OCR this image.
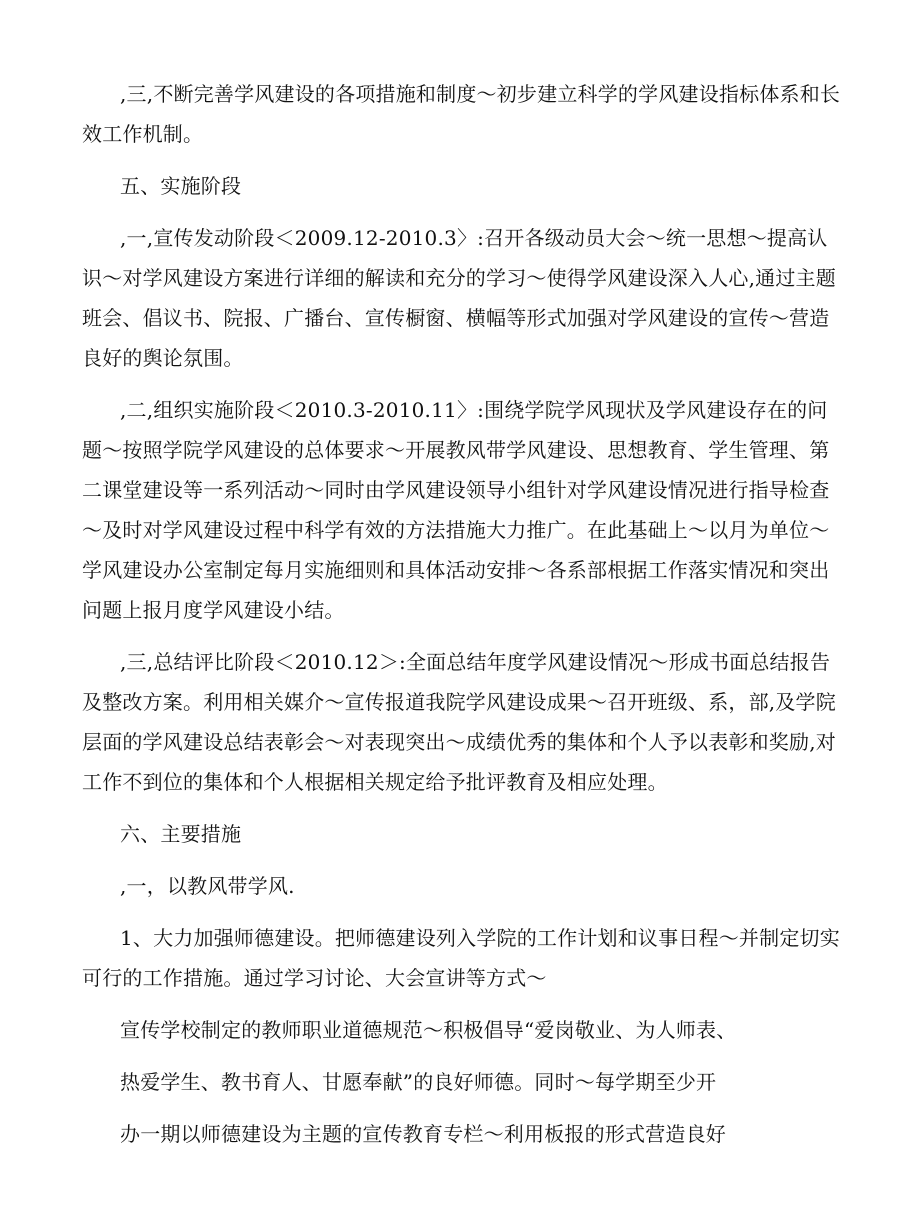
,三,不断完善学风建设的各项措施和制度～初步建立科学的学风建设指标体系和长效工作机制。

五、实施阶段

,一,宣传发动阶段＜2009.12-2010.3〉:召开各级动员大会～统一思想～提高认识～对学风建设方案进行详细的解读和充分的学习～使得学风建设深入人心,通过主题班会、倡议书、院报、广播台、宣传橱窗、横幅等形式加强对学风建设的宣传～营造良好的舆论氛围。

,二,组织实施阶段＜2010.3-2010.11〉:围绕学院学风现状及学风建设存在的问题～按照学院学风建设的总体要求～开展教风带学风建设、思想教育、学生管理、第二课堂建设等一系列活动～同时由学风建设领导小组针对学风建设情况进行指导检查～及时对学风建设过程中科学有效的方法措施大力推广。在此基础上～以月为单位～学风建设办公室制定每月实施细则和具体活动安排～各系部根据工作落实情况和突出问题上报月度学风建设小结。

,三,总结评比阶段＜2010.12＞:全面总结年度学风建设情况～形成书面总结报告及整改方案。利用相关媒介～宣传报道我院学风建设成果～召开班级、系，部,及学院层面的学风建设总结表彰会～对表现突出～成绩优秀的集体和个人予以表彰和奖励,对工作不到位的集体和个人根据相关规定给予批评教育及相应处理。

六、主要措施

,一，以教风带学风.

1、大力加强师德建设。把师德建设列入学院的工作计划和议事日程～并制定切实可行的工作措施。通过学习讨论、大会宣讲等方式～

宣传学校制定的教师职业道德规范～积极倡导“爱岗敬业、为人师表、
热爱学生、教书育人、甘愿奉献”的良好师德。同时～每学期至少开
办一期以师德建设为主题的宣传教育专栏～利用板报的形式营造良好
